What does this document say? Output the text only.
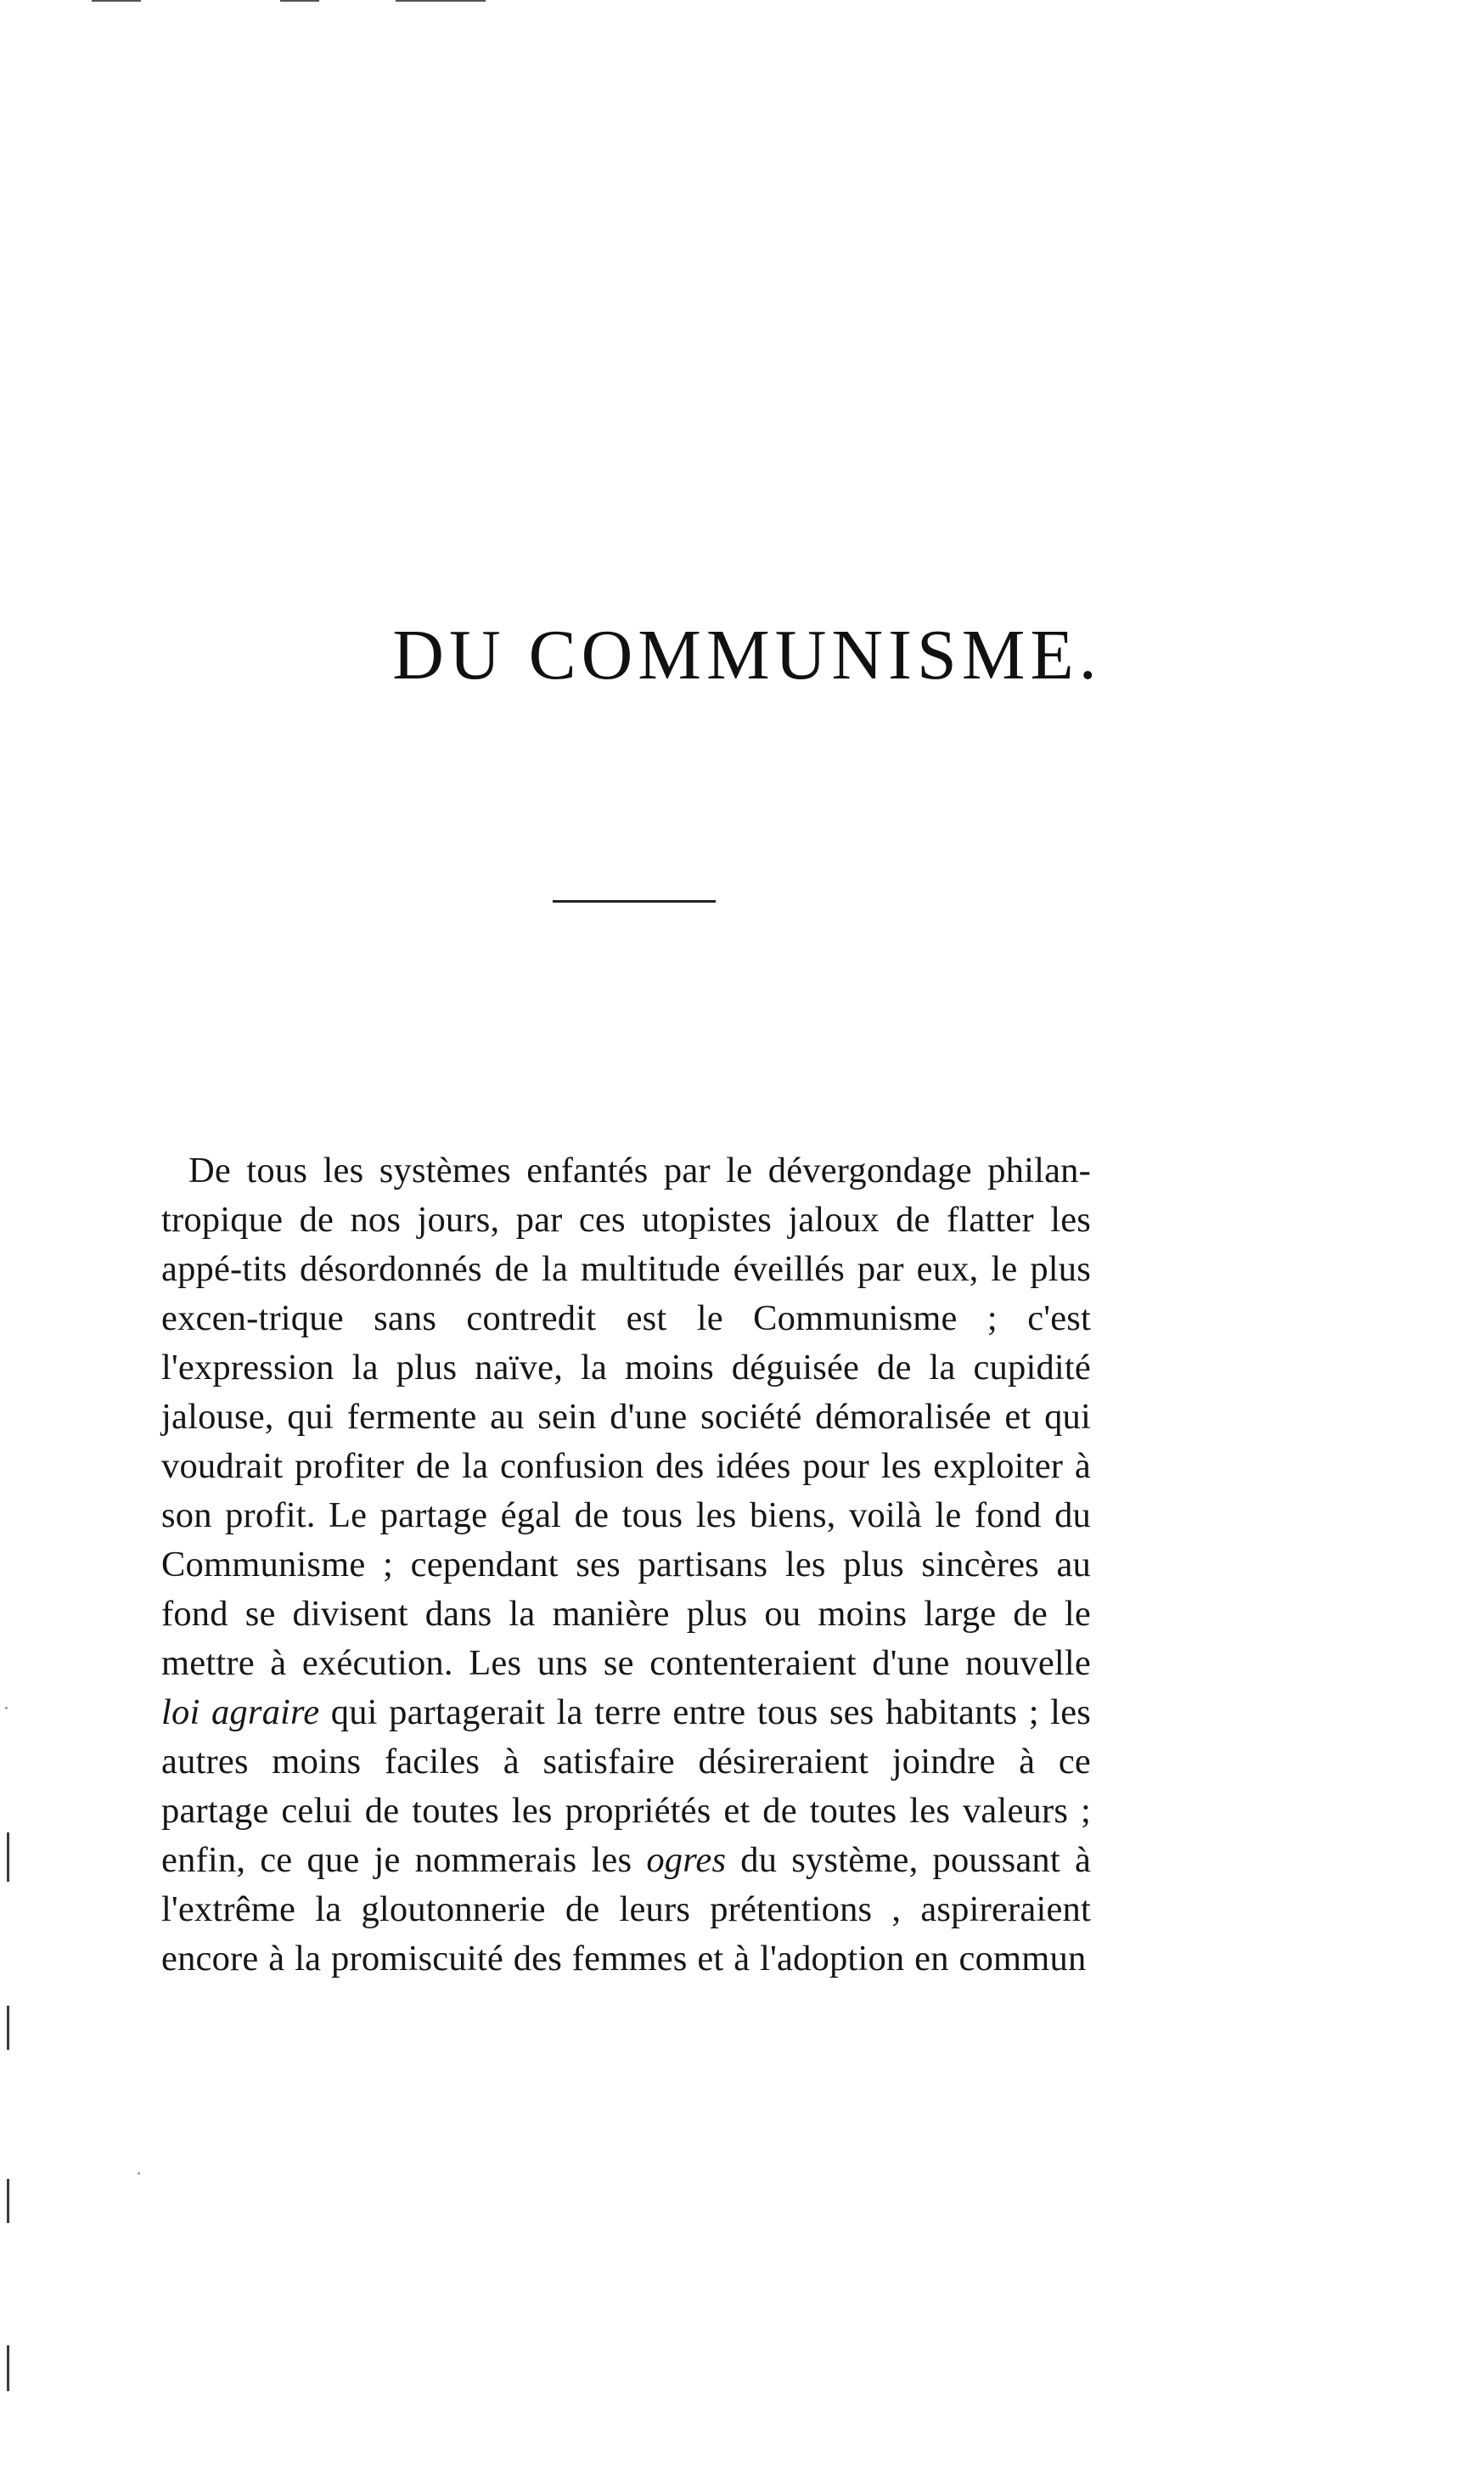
DU COMMUNISME.

De tous les systèmes enfantés par le dévergondage philan-tropique de nos jours, par ces utopistes jaloux de flatter les appé-tits désordonnés de la multitude éveillés par eux, le plus excen-trique sans contredit est le Communisme ; c'est l'expression la plus naïve, la moins déguisée de la cupidité jalouse, qui fermente au sein d'une société démoralisée et qui voudrait profiter de la confusion des idées pour les exploiter à son profit. Le partage égal de tous les biens, voilà le fond du Communisme ; cependant ses partisans les plus sincères au fond se divisent dans la manière plus ou moins large de le mettre à exécution. Les uns se contenteraient d'une nouvelle loi agraire qui partagerait la terre entre tous ses habitants ; les autres moins faciles à satisfaire désireraient joindre à ce partage celui de toutes les propriétés et de toutes les valeurs ; enfin, ce que je nommerais les ogres du système, poussant à l'extrême la gloutonnerie de leurs prétentions , aspireraient encore à la promiscuité des femmes et à l'adoption en commun
